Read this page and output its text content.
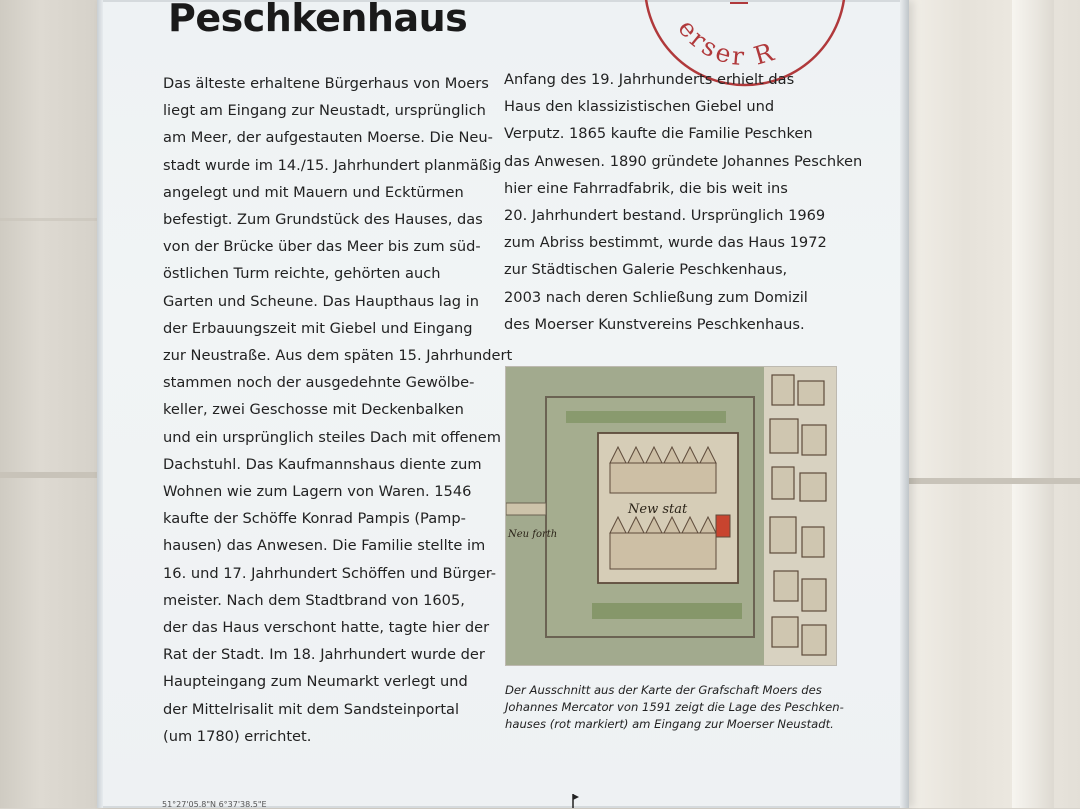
Peschkenhaus	erser R
Das älteste erhaltene Bürgerhaus von Moers
liegt am Eingang zur Neustadt, ursprünglich
am Meer, der aufgestauten Moerse. Die Neu-
stadt wurde im 14./15. Jahrhundert planmäßig
angelegt und mit Mauern und Ecktürmen
befestigt. Zum Grundstück des Hauses, das
von der Brücke über das Meer bis zum süd-
östlichen Turm reichte, gehörten auch
Garten und Scheune. Das Haupthaus lag in
der Erbauungszeit mit Giebel und Eingang
zur Neustraße. Aus dem späten 15. Jahrhundert
stammen noch der ausgedehnte Gewölbe-
keller, zwei Geschosse mit Deckenbalken
und ein ursprünglich steiles Dach mit offenem
Dachstuhl. Das Kaufmannshaus diente zum
Wohnen wie zum Lagern von Waren. 1546
kaufte der Schöffe Konrad Pampis (Pamp-
hausen) das Anwesen. Die Familie stellte im
16. und 17. Jahrhundert Schöffen und Bürger-
meister. Nach dem Stadtbrand von 1605,
der das Haus verschont hatte, tagte hier der
Rat der Stadt. Im 18. Jahrhundert wurde der
Haupteingang zum Neumarkt verlegt und
der Mittelrisalit mit dem Sandsteinportal
(um 1780) errichtet.
Anfang des 19. Jahrhunderts erhielt das
Haus den klassizistischen Giebel und
Verputz. 1865 kaufte die Familie Peschken
das Anwesen. 1890 gründete Johannes Peschken
hier eine Fahrradfabrik, die bis weit ins
20. Jahrhundert bestand. Ursprünglich 1969
zum Abriss bestimmt, wurde das Haus 1972
zur Städtischen Galerie Peschkenhaus,
2003 nach deren Schließung zum Domizil
des Moerser Kunstvereins Peschkenhaus.
New stat
Neu forth
Der Ausschnitt aus der Karte der Grafschaft Moers des
Johannes Mercator von 1591 zeigt die Lage des Peschken-
hauses (rot markiert) am Eingang zur Moerser Neustadt.
51°27'05.8"N 6°37'38.5"E
